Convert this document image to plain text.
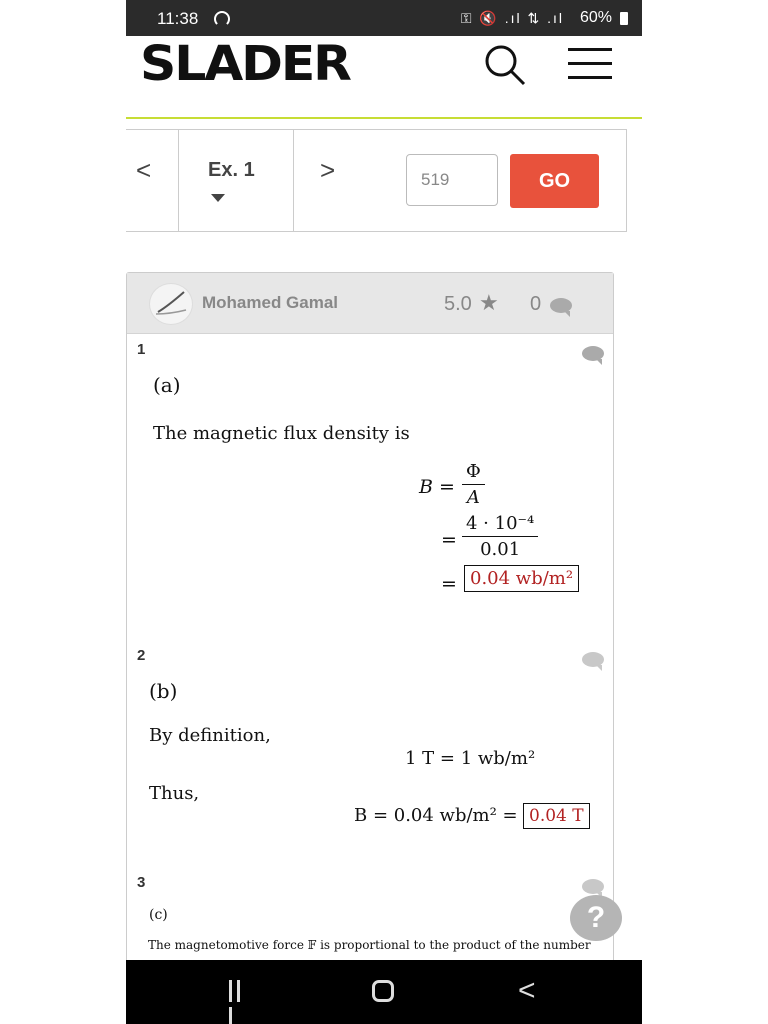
11:38	⚿ 🔇 .ıl ⇅ .ıl 60%
SLADER
<	Ex. 1	>
519	GO
Mohamed Gamal	5.0 ★ 0
1
(a)
The magnetic flux density is
$B = \frac{\Phi}{A}$
= $\frac{\text{4 · 10⁻⁴}}{0.01}$
= 0.04 wb/m²
2
(b)
By definition,
1 T = 1 wb/m²
Thus,
B = 0.04 wb/m² = 0.04 T
3
(c)
The magnetomotive force 𝔽 is proportional to the product of the number
?
<
